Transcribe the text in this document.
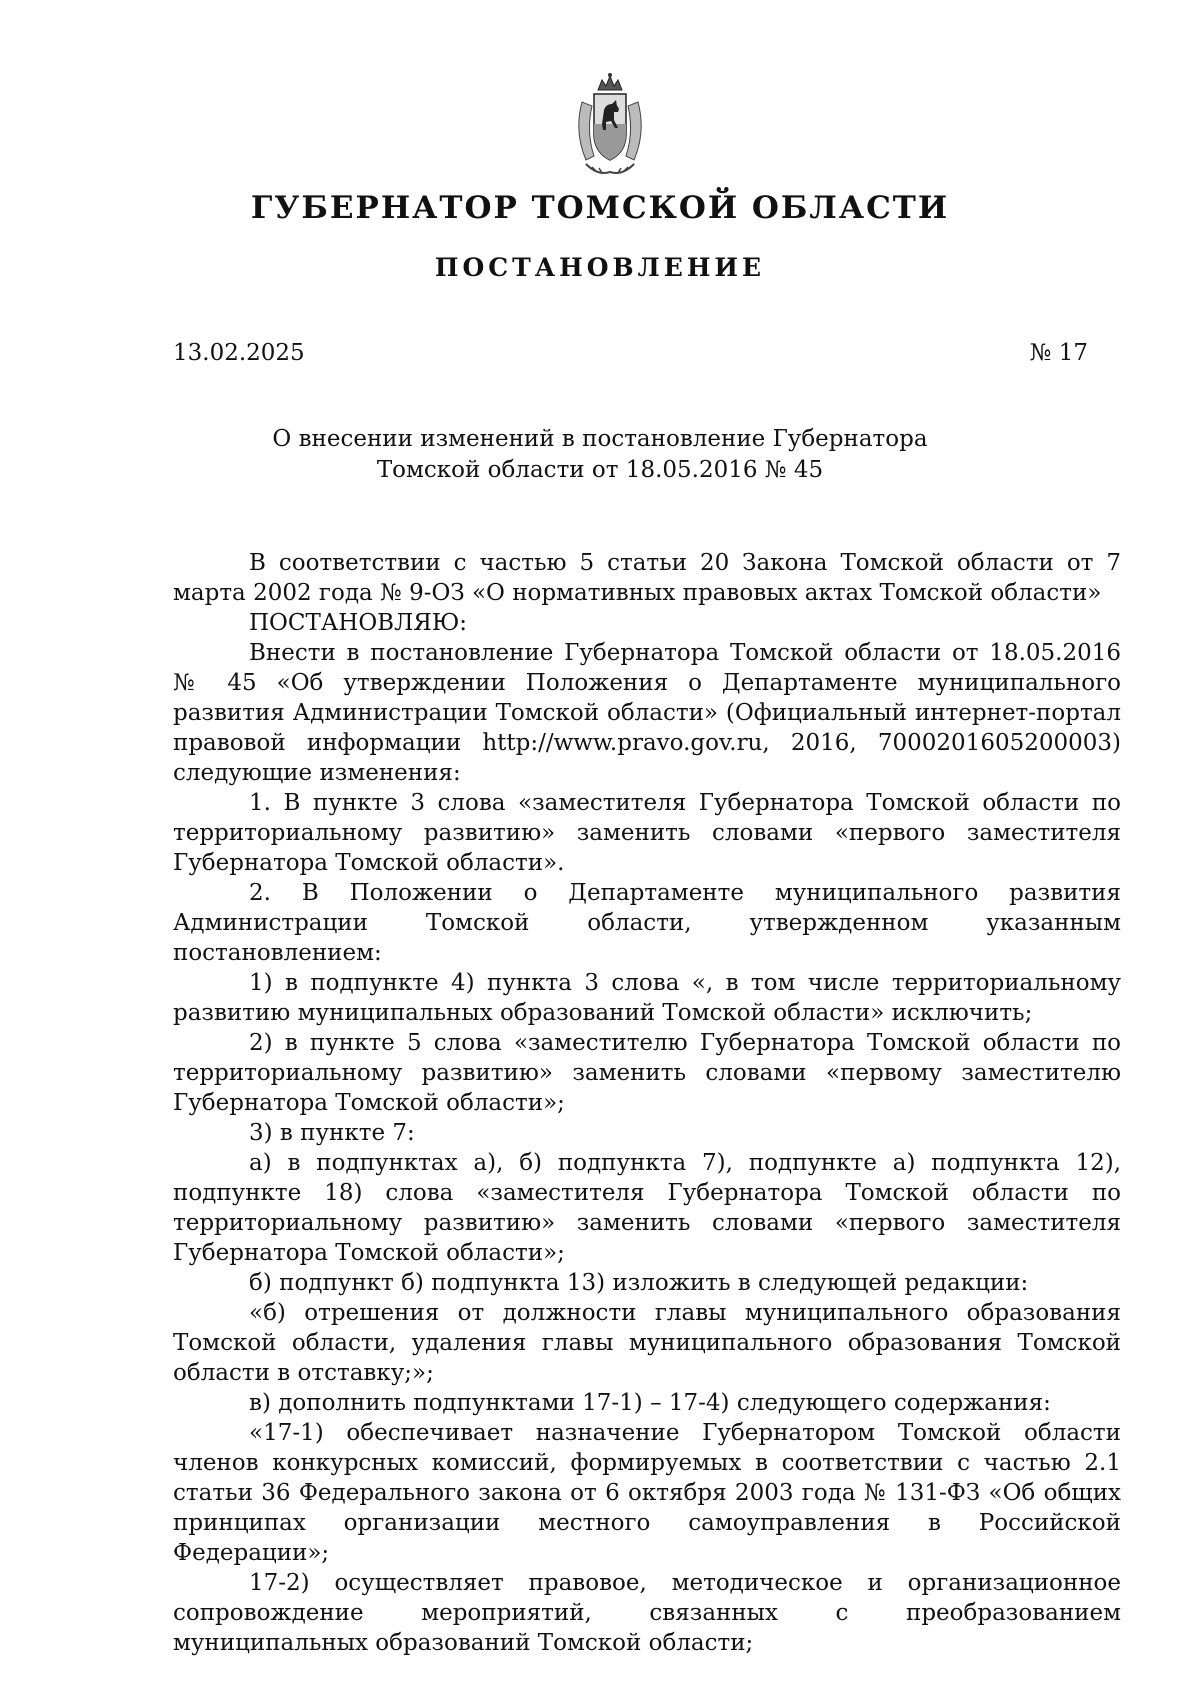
ГУБЕРНАТОР ТОМСКОЙ ОБЛАСТИ
ПОСТАНОВЛЕНИЕ
13.02.2025	№ 17
О внесении изменений в постановление Губернатора
Томской области от 18.05.2016 № 45

В соответствии с частью 5 статьи 20 Закона Томской области от 7 марта 2002 года № 9-ОЗ «О нормативных правовых актах Томской области»

ПОСТАНОВЛЯЮ:

Внести в постановление Губернатора Томской области от 18.05.2016 № 45 «Об утверждении Положения о Департаменте муниципального развития Администрации Томской области» (Официальный интернет-портал правовой информации http://www.pravo.gov.ru, 2016, 7000201605200003) следующие изменения:

1. В пункте 3 слова «заместителя Губернатора Томской области по территориальному развитию» заменить словами «первого заместителя Губернатора Томской области».

2. В Положении о Департаменте муниципального развития Администрации Томской области, утвержденном указанным постановлением:

1) в подпункте 4) пункта 3 слова «, в том числе территориальному развитию муниципальных образований Томской области» исключить;

2) в пункте 5 слова «заместителю Губернатора Томской области по территориальному развитию» заменить словами «первому заместителю Губернатора Томской области»;

3) в пункте 7:

а) в подпунктах а), б) подпункта 7), подпункте а) подпункта 12), подпункте 18) слова «заместителя Губернатора Томской области по территориальному развитию» заменить словами «первого заместителя Губернатора Томской области»;

б) подпункт б) подпункта 13) изложить в следующей редакции:

«б) отрешения от должности главы муниципального образования Томской области, удаления главы муниципального образования Томской области в отставку;»;

в) дополнить подпунктами 17-1) – 17-4) следующего содержания:

«17-1) обеспечивает назначение Губернатором Томской области членов конкурсных комиссий, формируемых в соответствии с частью 2.1 статьи 36 Федерального закона от 6 октября 2003 года № 131-ФЗ «Об общих принципах организации местного самоуправления в Российской Федерации»;

17-2) осуществляет правовое, методическое и организационное сопровождение мероприятий, связанных с преобразованием муниципальных образований Томской области;
